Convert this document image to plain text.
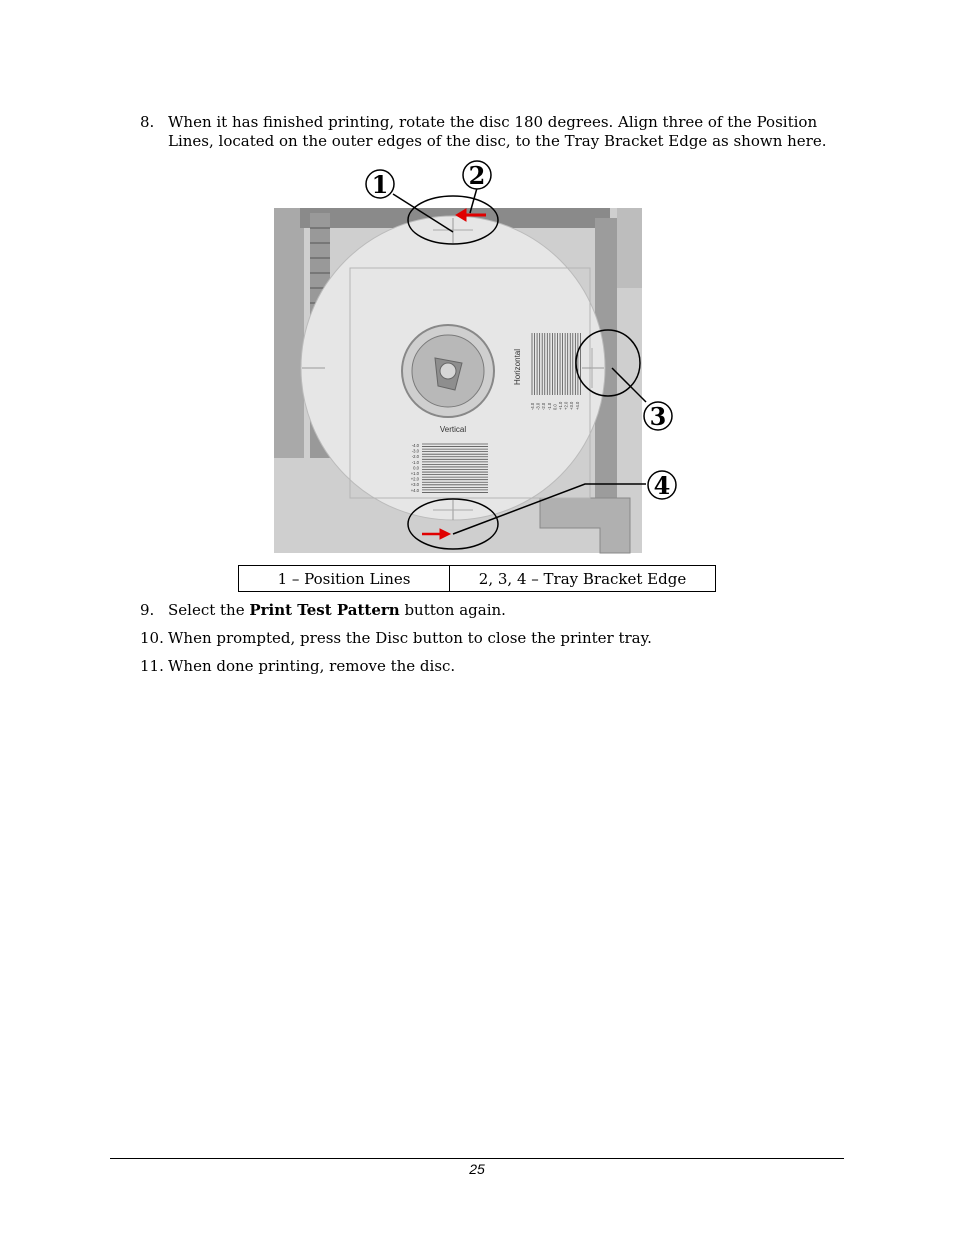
8. When it has finished printing, rotate the disc 180 degrees. Align three of the Position Lines, located on the outer edges of the disc, to the Tray Bracket Edge as shown here.
-4.0
-3.0
-2.0
-1.0
0.0
+1.0
+2.0
+3.0
+4.0
-4.0 -3.0 -2.0 -1.0 0.0 +1.0 +2.0 +3.0 +4.0
Vertical
Horizontal
1	2
3
4
1 – Position Lines	2, 3, 4 – Tray Bracket Edge
9. Select the Print Test Pattern button again.
10. When prompted, press the Disc button to close the printer tray.
11. When done printing, remove the disc.
25
